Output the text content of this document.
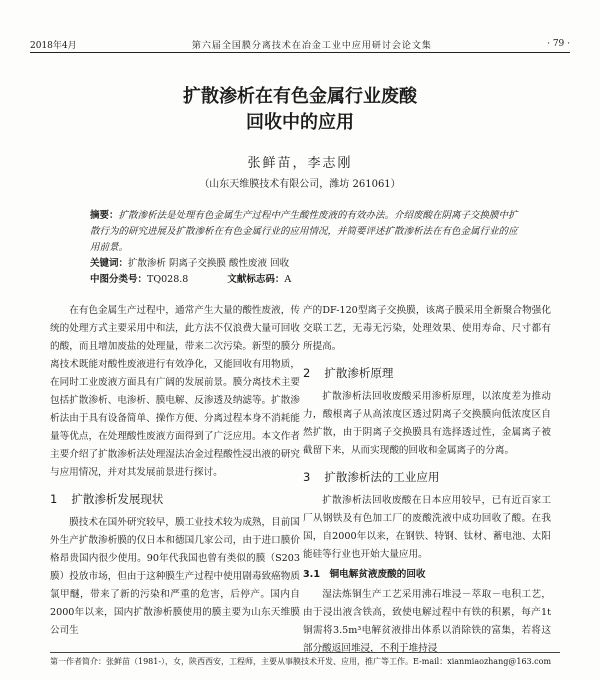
2018年4月	第六届全国膜分离技术在冶金工业中应用研讨会论文集	· 79 ·
扩散渗析在有色金属行业废酸
回收中的应用
张鲜苗，李志刚
（山东天维膜技术有限公司，潍坊 261061）
摘要：扩散渗析法是处理有色金属生产过程中产生酸性废液的有效办法。介绍废酸在阴离子交换膜中扩散行为的研究进展及扩散渗析在有色金属行业的应用情况，并简要评述扩散渗析法在有色金属行业的应用前景。
关键词：扩散渗析 阴离子交换膜 酸性废液 回收
中图分类号：TQ028.8	文献标志码：A

在有色金属生产过程中，通常产生大量的酸性废液，传统的处理方式主要采用中和法，此方法不仅浪费大量可回收的酸，而且增加废盐的处理量，带来二次污染。新型的膜分离技术既能对酸性废液进行有效净化，又能回收有用物质，在同时工业废液方面具有广阔的发展前景。膜分离技术主要包括扩散渗析、电渗析、膜电解、反渗透及纳滤等。扩散渗析法由于具有设备简单、操作方便、分离过程本身不消耗能量等优点，在处理酸性废液方面得到了广泛应用。本文作者主要介绍了扩散渗析法处理湿法冶金过程酸性浸出液的研究与应用情况，并对其发展前景进行探讨。

1 扩散渗析发展现状

膜技术在国外研究较早，膜工业技术较为成熟，目前国外生产扩散渗析膜的仅日本和德国几家公司，由于进口膜价格昂贵国内很少使用。90年代我国也曾有类似的膜（S203膜）投放市场，但由于这种膜生产过程中使用剧毒致癌物质氯甲醚，带来了新的污染和严重的危害，后停产。国内自2000年以来，国内扩散渗析膜使用的膜主要为山东天维膜公司生

产的DF-120型离子交换膜，该离子膜采用全新聚合物强化交联工艺，无毒无污染，处理效果、使用寿命、尺寸都有所提高。

2 扩散渗析原理

扩散渗析法回收废酸采用渗析原理，以浓度差为推动力，酸根离子从高浓度区透过阴离子交换膜向低浓度区自然扩散，由于阴离子交换膜具有选择透过性，金属离子被截留下来，从而实现酸的回收和金属离子的分离。

3 扩散渗析法的工业应用

扩散渗析法回收废酸在日本应用较早，已有近百家工厂从钢铁及有色加工厂的废酸洗液中成功回收了酸。在我国，自2000年以来，在钢铁、特钢、钛材、蓄电池、太阳能硅等行业也开始大量应用。

3.1　铜电解贫液废酸的回收

湿法炼铜生产工艺采用沸石堆浸－萃取－电积工艺，由于浸出液含铁高，致使电解过程中有铁的积累，每产1t铜需将3.5m³电解贫液排出体系以消除铁的富集，若将这部分酸返回堆浸，不利于堆持浸

第一作者简介：张鲜苗（1981-），女，陕西西安，工程师，主要从事膜技术开发、应用，推广等工作。E-mail：xianmiaozhang@163.com
